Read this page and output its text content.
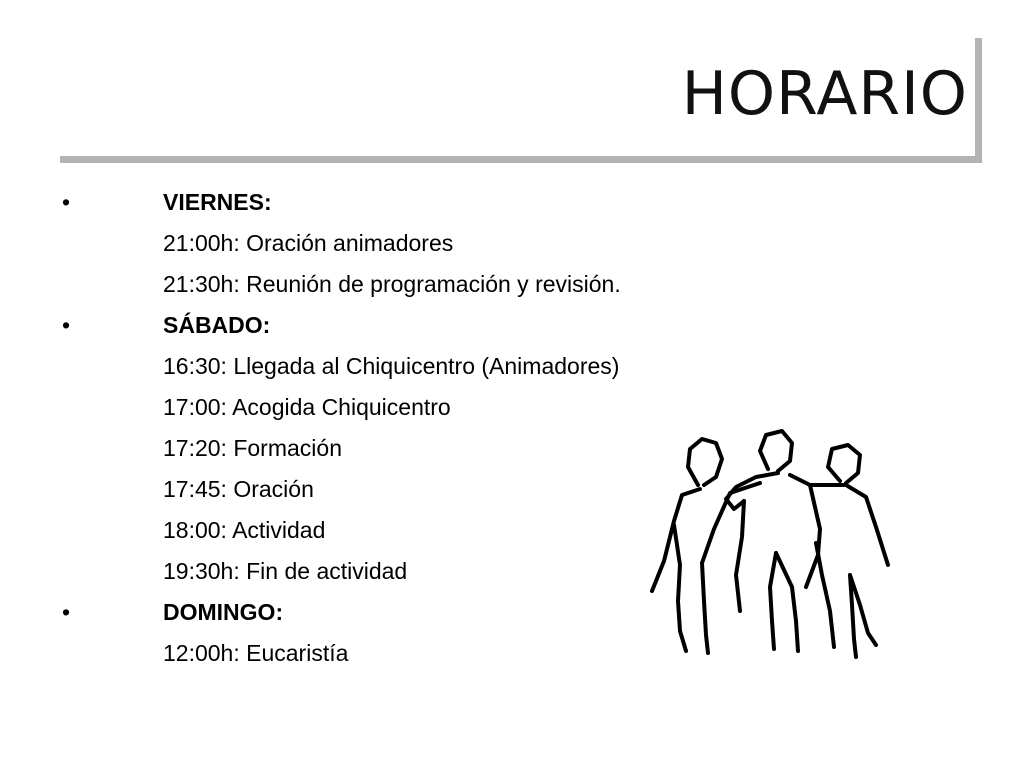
HORARIO
•	VIERNES:
21:00h: Oración animadores
21:30h: Reunión de programación y revisión.
•	SÁBADO:
16:30: Llegada al Chiquicentro (Animadores)
17:00: Acogida Chiquicentro
17:20: Formación
17:45: Oración
18:00: Actividad
19:30h: Fin de actividad
•	DOMINGO:
12:00h: Eucaristía
